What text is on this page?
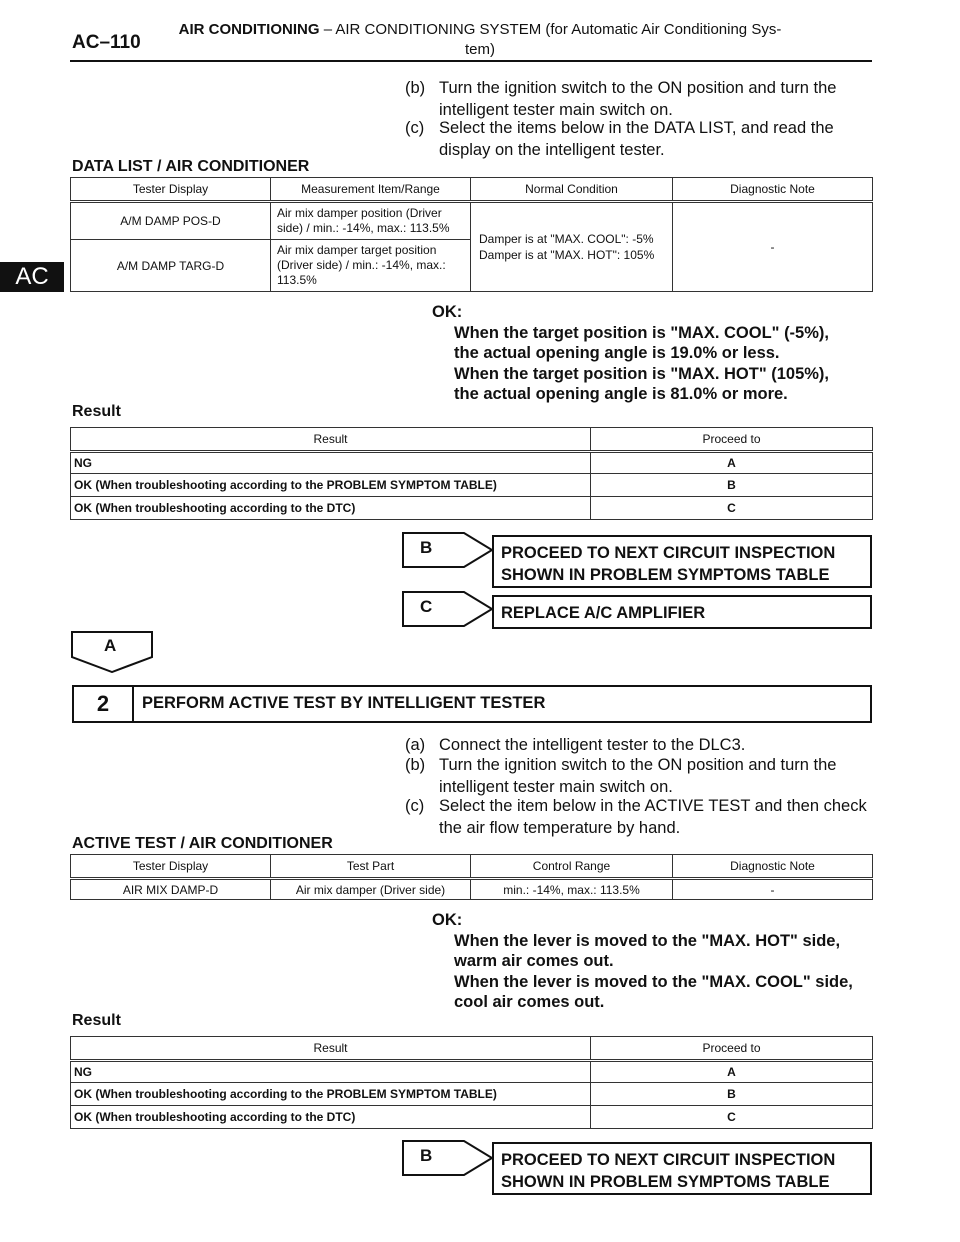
AC–110
AIR CONDITIONING – AIR CONDITIONING SYSTEM (for Automatic Air Conditioning Sys-
tem)
AC
(b) Turn the ignition switch to the ON position and turn the intelligent tester main switch on.
(c) Select the items below in the DATA LIST, and read the display on the intelligent tester.
DATA LIST / AIR CONDITIONER
Tester Display	Measurement Item/Range	Normal Condition	Diagnostic Note
A/M DAMP POS-D	Air mix damper position (Driver side) / min.: -14%, max.: 113.5%	Damper is at "MAX. COOL": -5%
Damper is at "MAX. HOT": 105%	-
A/M DAMP TARG-D	Air mix damper target position (Driver side) / min.: -14%, max.: 113.5%		
OK:
When the target position is "MAX. COOL" (-5%),
the actual opening angle is 19.0% or less.
When the target position is "MAX. HOT" (105%),
the actual opening angle is 81.0% or more.
Result
Result	Proceed to
NG	A
OK (When troubleshooting according to the PROBLEM SYMPTOM TABLE)	B
OK (When troubleshooting according to the DTC)	C
B	PROCEED TO NEXT CIRCUIT INSPECTION
SHOWN IN PROBLEM SYMPTOMS TABLE
C	REPLACE A/C AMPLIFIER
A
2	PERFORM ACTIVE TEST BY INTELLIGENT TESTER
(a) Connect the intelligent tester to the DLC3.
(b) Turn the ignition switch to the ON position and turn the intelligent tester main switch on.
(c) Select the item below in the ACTIVE TEST and then check the air flow temperature by hand.
ACTIVE TEST / AIR CONDITIONER
Tester Display	Test Part	Control Range	Diagnostic Note
AIR MIX DAMP-D	Air mix damper (Driver side)	min.: -14%, max.: 113.5%	-
OK:
When the lever is moved to the "MAX. HOT" side,
warm air comes out.
When the lever is moved to the "MAX. COOL" side,
cool air comes out.
Result
Result	Proceed to
NG	A
OK (When troubleshooting according to the PROBLEM SYMPTOM TABLE)	B
OK (When troubleshooting according to the DTC)	C
B	PROCEED TO NEXT CIRCUIT INSPECTION
SHOWN IN PROBLEM SYMPTOMS TABLE
